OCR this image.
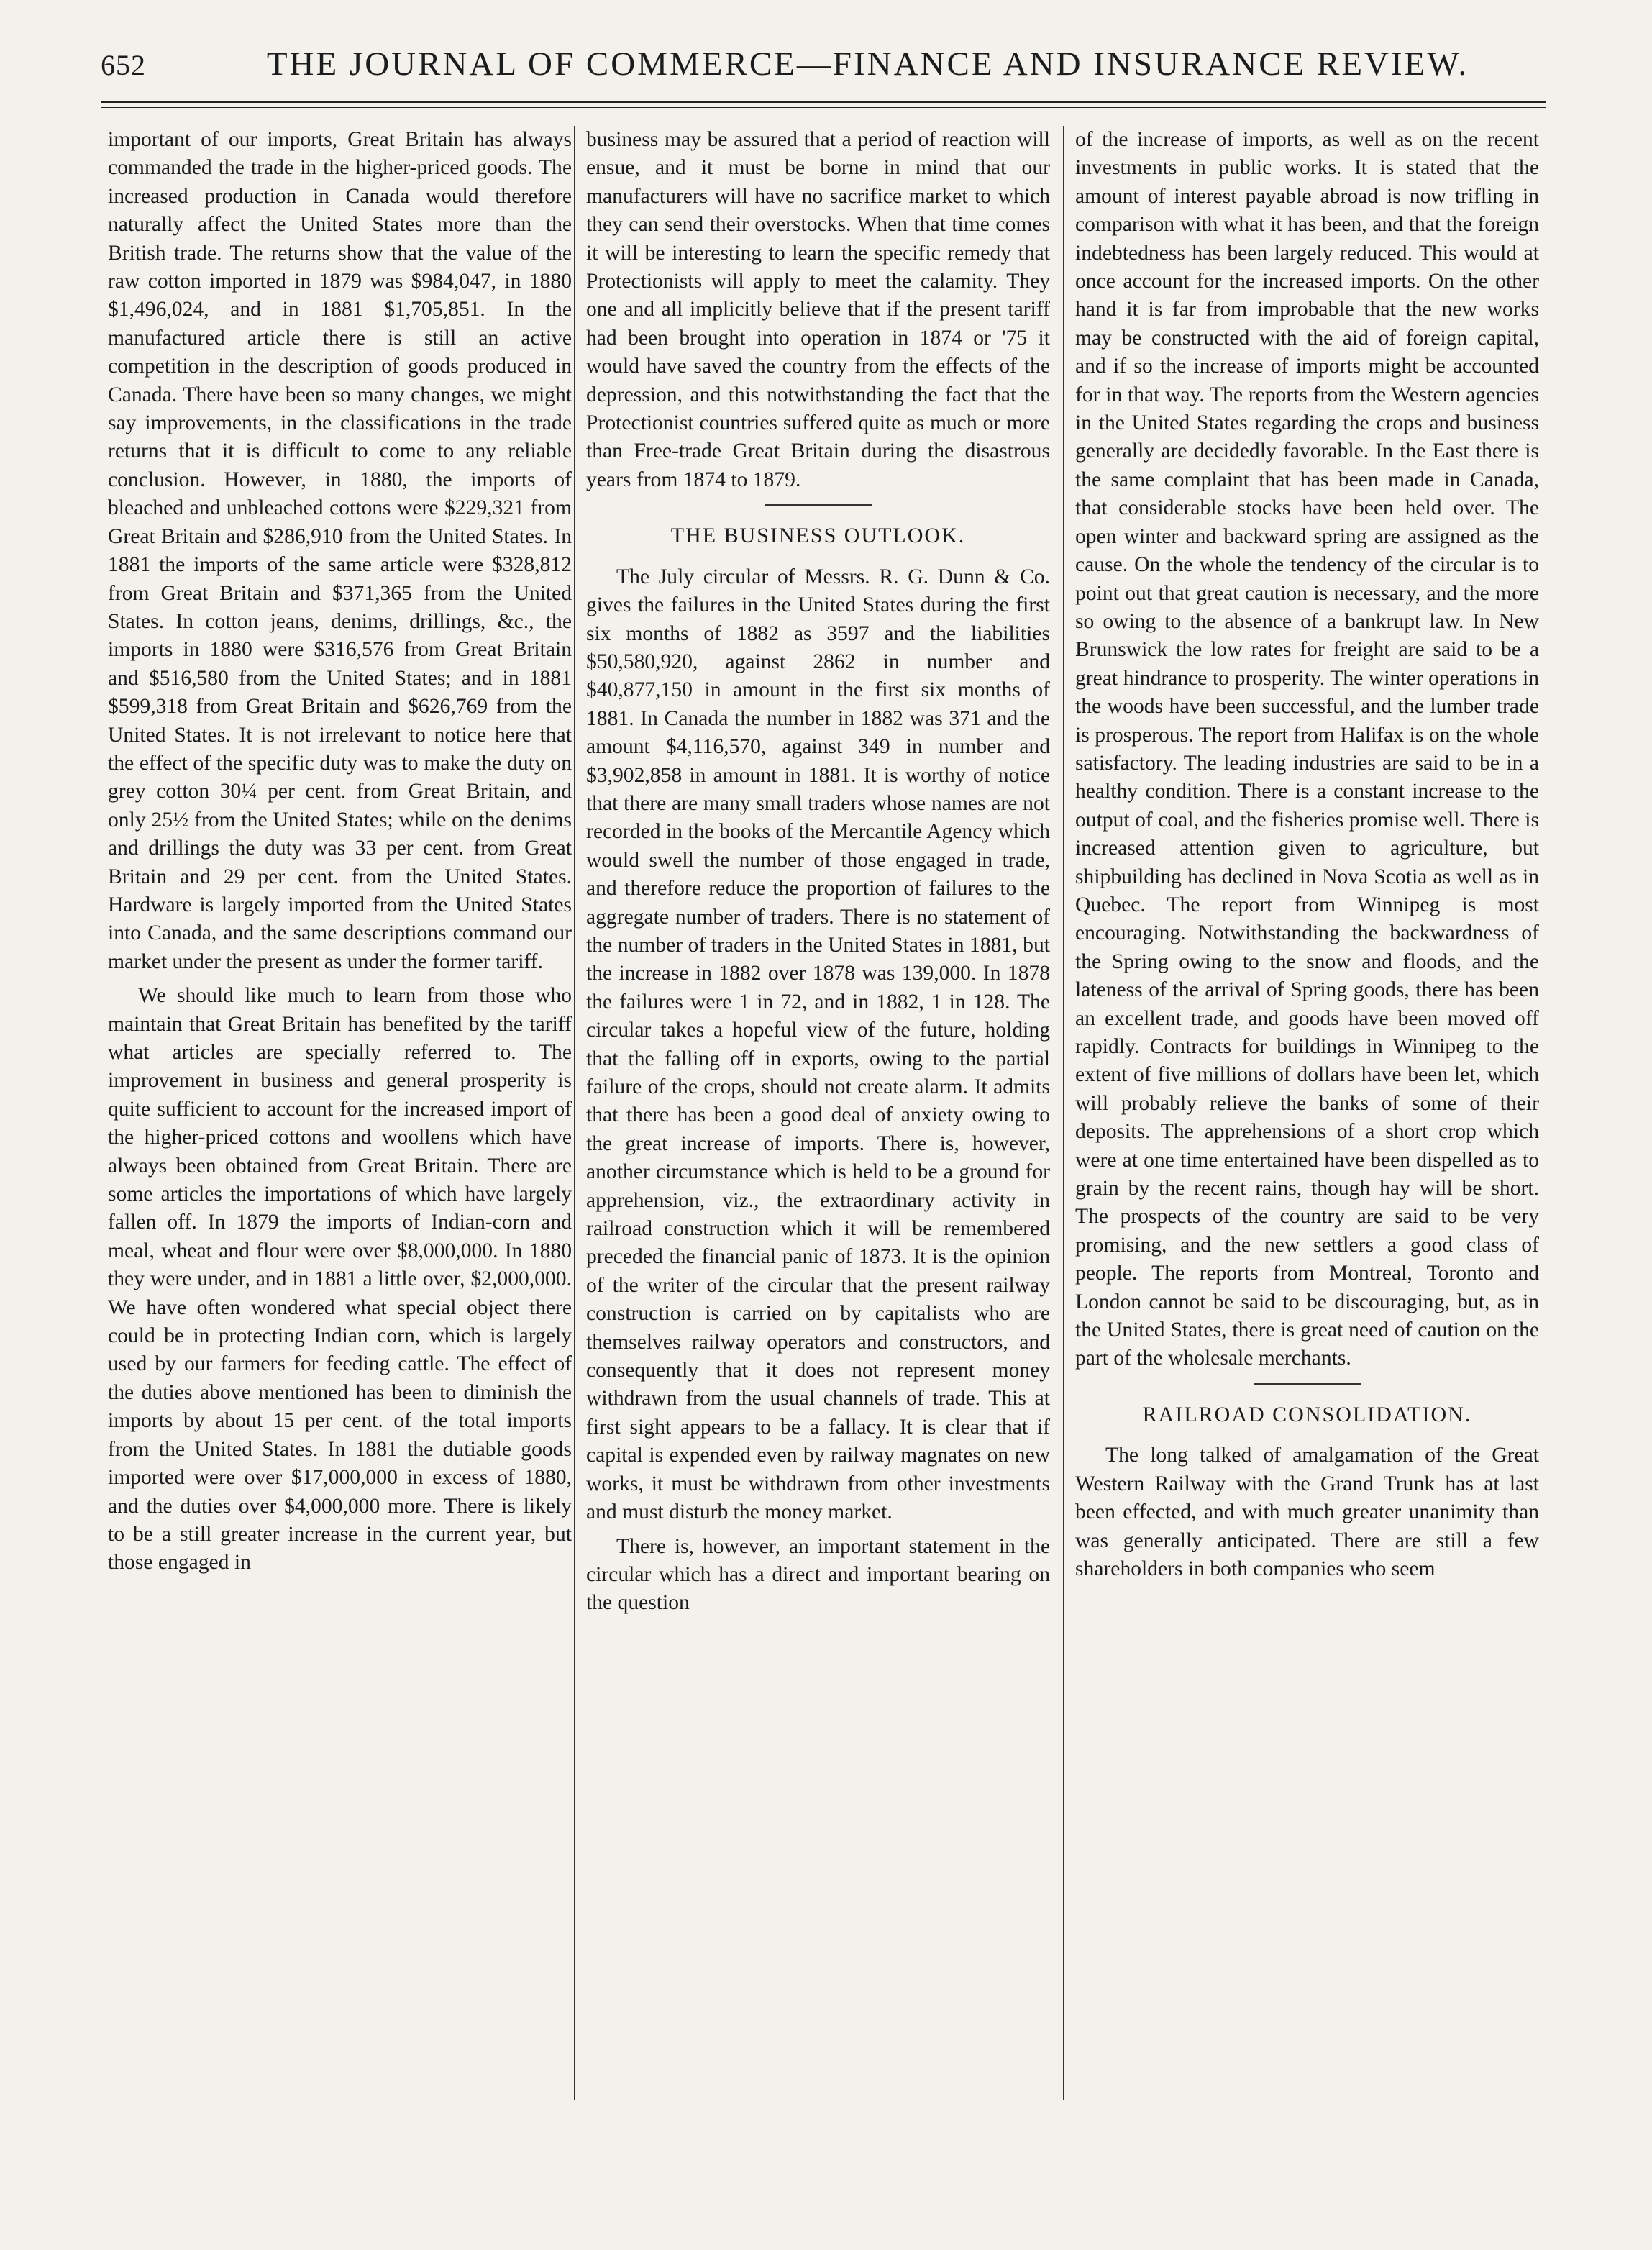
652	THE JOURNAL OF COMMERCE—FINANCE AND INSURANCE REVIEW.

important of our imports, Great Britain has always commanded the trade in the higher-priced goods. The increased production in Canada would therefore naturally affect the United States more than the British trade. The returns show that the value of the raw cotton imported in 1879 was $984,047, in 1880 $1,496,024, and in 1881 $1,705,851. In the manufactured article there is still an active competition in the description of goods produced in Canada. There have been so many changes, we might say improvements, in the classifications in the trade returns that it is difficult to come to any reliable conclusion. However, in 1880, the imports of bleached and unbleached cottons were $229,321 from Great Britain and $286,910 from the United States. In 1881 the imports of the same article were $328,812 from Great Britain and $371,365 from the United States. In cotton jeans, denims, drillings, &c., the imports in 1880 were $316,576 from Great Britain and $516,580 from the United States; and in 1881 $599,318 from Great Britain and $626,769 from the United States. It is not irrelevant to notice here that the effect of the specific duty was to make the duty on grey cotton 30¼ per cent. from Great Britain, and only 25½ from the United States; while on the denims and drillings the duty was 33 per cent. from Great Britain and 29 per cent. from the United States. Hardware is largely imported from the United States into Canada, and the same descriptions command our market under the present as under the former tariff.

We should like much to learn from those who maintain that Great Britain has benefited by the tariff what articles are specially referred to. The improvement in business and general prosperity is quite sufficient to account for the increased import of the higher-priced cottons and woollens which have always been obtained from Great Britain. There are some articles the importations of which have largely fallen off. In 1879 the imports of Indian-corn and meal, wheat and flour were over $8,000,000. In 1880 they were under, and in 1881 a little over, $2,000,000. We have often wondered what special object there could be in protecting Indian corn, which is largely used by our farmers for feeding cattle. The effect of the duties above mentioned has been to diminish the imports by about 15 per cent. of the total imports from the United States. In 1881 the dutiable goods imported were over $17,000,000 in excess of 1880, and the duties over $4,000,000 more. There is likely to be a still greater increase in the current year, but those engaged in

business may be assured that a period of reaction will ensue, and it must be borne in mind that our manufacturers will have no sacrifice market to which they can send their overstocks. When that time comes it will be interesting to learn the specific remedy that Protectionists will apply to meet the calamity. They one and all implicitly believe that if the present tariff had been brought into operation in 1874 or '75 it would have saved the country from the effects of the depression, and this notwithstanding the fact that the Protectionist countries suffered quite as much or more than Free-trade Great Britain during the disastrous years from 1874 to 1879.

THE BUSINESS OUTLOOK.

The July circular of Messrs. R. G. Dunn & Co. gives the failures in the United States during the first six months of 1882 as 3597 and the liabilities $50,580,920, against 2862 in number and $40,877,150 in amount in the first six months of 1881. In Canada the number in 1882 was 371 and the amount $4,116,570, against 349 in number and $3,902,858 in amount in 1881. It is worthy of notice that there are many small traders whose names are not recorded in the books of the Mercantile Agency which would swell the number of those engaged in trade, and therefore reduce the proportion of failures to the aggregate number of traders. There is no statement of the number of traders in the United States in 1881, but the increase in 1882 over 1878 was 139,000. In 1878 the failures were 1 in 72, and in 1882, 1 in 128. The circular takes a hopeful view of the future, holding that the falling off in exports, owing to the partial failure of the crops, should not create alarm. It admits that there has been a good deal of anxiety owing to the great increase of imports. There is, however, another circumstance which is held to be a ground for apprehension, viz., the extraordinary activity in railroad construction which it will be remembered preceded the financial panic of 1873. It is the opinion of the writer of the circular that the present railway construction is carried on by capitalists who are themselves railway operators and constructors, and consequently that it does not represent money withdrawn from the usual channels of trade. This at first sight appears to be a fallacy. It is clear that if capital is expended even by railway magnates on new works, it must be withdrawn from other investments and must disturb the money market.

There is, however, an important statement in the circular which has a direct and important bearing on the question

of the increase of imports, as well as on the recent investments in public works. It is stated that the amount of interest payable abroad is now trifling in comparison with what it has been, and that the foreign indebtedness has been largely reduced. This would at once account for the increased imports. On the other hand it is far from improbable that the new works may be constructed with the aid of foreign capital, and if so the increase of imports might be accounted for in that way. The reports from the Western agencies in the United States regarding the crops and business generally are decidedly favorable. In the East there is the same complaint that has been made in Canada, that considerable stocks have been held over. The open winter and backward spring are assigned as the cause. On the whole the tendency of the circular is to point out that great caution is necessary, and the more so owing to the absence of a bankrupt law. In New Brunswick the low rates for freight are said to be a great hindrance to prosperity. The winter operations in the woods have been successful, and the lumber trade is prosperous. The report from Halifax is on the whole satisfactory. The leading industries are said to be in a healthy condition. There is a constant increase to the output of coal, and the fisheries promise well. There is increased attention given to agriculture, but shipbuilding has declined in Nova Scotia as well as in Quebec. The report from Winnipeg is most encouraging. Notwithstanding the backwardness of the Spring owing to the snow and floods, and the lateness of the arrival of Spring goods, there has been an excellent trade, and goods have been moved off rapidly. Contracts for buildings in Winnipeg to the extent of five millions of dollars have been let, which will probably relieve the banks of some of their deposits. The apprehensions of a short crop which were at one time entertained have been dispelled as to grain by the recent rains, though hay will be short. The prospects of the country are said to be very promising, and the new settlers a good class of people. The reports from Montreal, Toronto and London cannot be said to be discouraging, but, as in the United States, there is great need of caution on the part of the wholesale merchants.

RAILROAD CONSOLIDATION.

The long talked of amalgamation of the Great Western Railway with the Grand Trunk has at last been effected, and with much greater unanimity than was generally anticipated. There are still a few shareholders in both companies who seem
